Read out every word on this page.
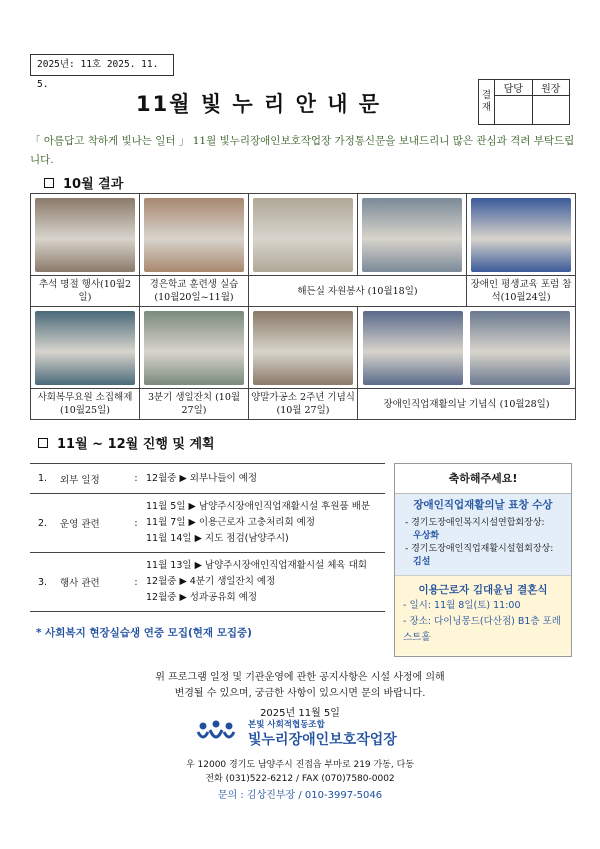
2025년: 11호 2025. 11. 5.
11월 빛 누 리 안 내 문	결재	담당	원장

「 아름답고 착하게 빛나는 일터 」 11월 빛누리장애인보호작업장 가정통신문을 보내드리니 많은 관심과 격려 부탁드립니다.
10월 결과

추석 명절 행사(10월2일)	경은학교 훈련생 실습 (10월20일~11월)	해든실 자원봉사 (10월18일)		장애인 평생교육 포럼 참석(10월24일)

사회복무요원 소집해제(10월25일)	3분기 생일잔치 (10월 27일)	양말가공소 2주년 기념식(10월 27일)	장애인직업재활의날 기념식 (10월28일)	
11월 ~ 12월 진행 및 계획
1.	외부 일정	:	12월중 ▶ 외부나들이 예정

2.	운영 관련	:	11월 5일 ▶ 남양주시장애인직업재활시설 후원품 배분
11월 7일 ▶ 이용근로자 고충처리회 예정
11월 14일 ▶ 지도 점검(남양주시)

3.	행사 관련	:	11월 13일 ▶ 남양주시장애인직업재활시설 체육 대회
12월중 ▶ 4분기 생일잔치 예정
12월중 ▶ 성과공유회 예정
* 사회복지 현장실습생 연중 모집(현재 모집중)
축하해주세요!
장애인직업재활의날 표창 수상
- 경기도장애인복지시설연합회장상:
우상화
- 경기도장애인직업재활시설협회장상:
김설
이용근로자 김대윤님 결혼식
- 일시: 11월 8일(토) 11:00
- 장소: 다이닝몽드(다산점) B1층 포레스트홀
위 프로그램 일정 및 기관운영에 관한 공지사항은 시설 사정에 의해
변경될 수 있으며, 궁금한 사항이 있으시면 문의 바랍니다.
2025년 11월 5일
본빛 사회적협동조합
빛누리장애인보호작업장
우 12000 경기도 남양주시 진접읍 부마로 219 가동, 다동
전화 (031)522-6212 / FAX (070)7580-0002
문의 : 김상진부장 / 010-3997-5046
